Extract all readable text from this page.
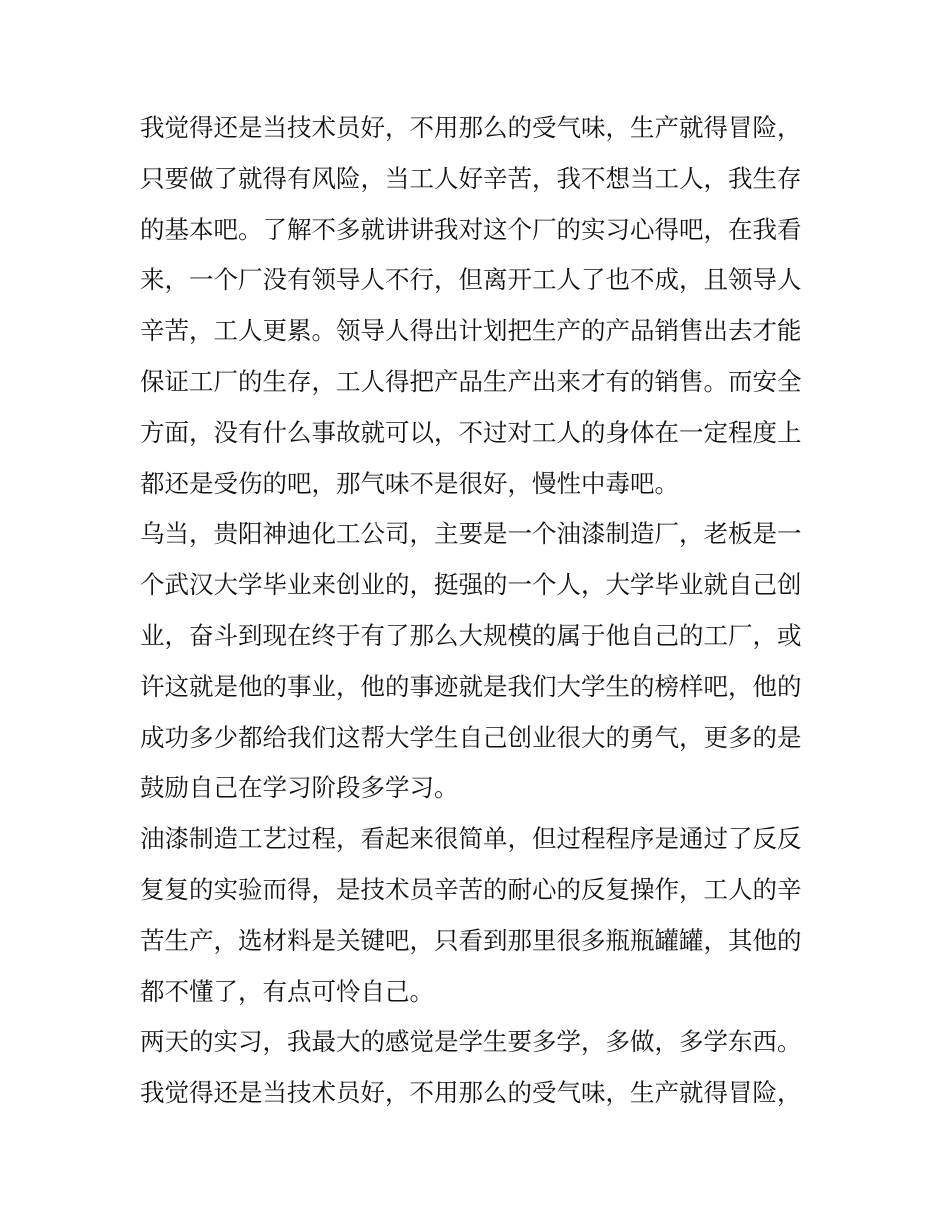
我觉得还是当技术员好，不用那么的受气味，生产就得冒险，
只要做了就得有风险，当工人好辛苦，我不想当工人，我生存
的基本吧。了解不多就讲讲我对这个厂的实习心得吧，在我看
来，一个厂没有领导人不行，但离开工人了也不成，且领导人
辛苦，工人更累。领导人得出计划把生产的产品销售出去才能
保证工厂的生存，工人得把产品生产出来才有的销售。而安全
方面，没有什么事故就可以，不过对工人的身体在一定程度上
都还是受伤的吧，那气味不是很好，慢性中毒吧。
乌当，贵阳神迪化工公司，主要是一个油漆制造厂，老板是一
个武汉大学毕业来创业的，挺强的一个人，大学毕业就自己创
业，奋斗到现在终于有了那么大规模的属于他自己的工厂，或
许这就是他的事业，他的事迹就是我们大学生的榜样吧，他的
成功多少都给我们这帮大学生自己创业很大的勇气，更多的是
鼓励自己在学习阶段多学习。
油漆制造工艺过程，看起来很简单，但过程程序是通过了反反
复复的实验而得，是技术员辛苦的耐心的反复操作，工人的辛
苦生产，选材料是关键吧，只看到那里很多瓶瓶罐罐，其他的
都不懂了，有点可怜自己。
两天的实习，我最大的感觉是学生要多学，多做，多学东西。
我觉得还是当技术员好，不用那么的受气味，生产就得冒险，
